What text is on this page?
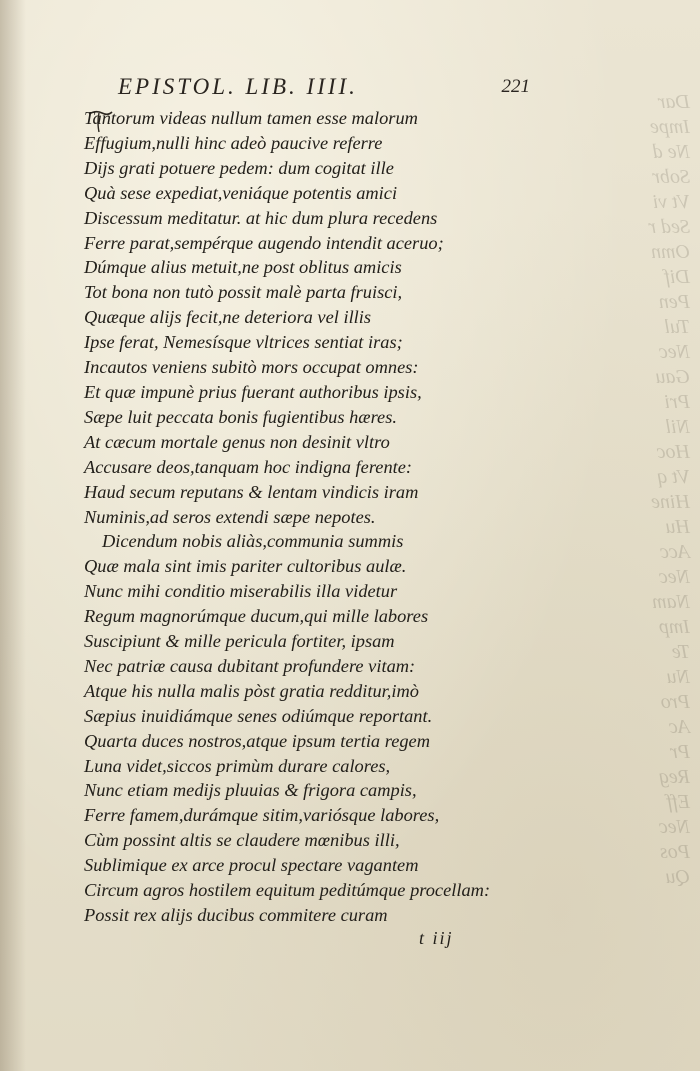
Dar
Impe
Ne d
Sobr
Vt vi
Sed r
Omn
Dif
Pen
Tul
Nec
Gau
Pri
Nil
Hoc
Vt q
Hine
Hu
Acc
Nec
Nam
Imp
Te
Nu
Pro
Ac
Pr
Reg
Eff
Nec
Pos
Qu
EPISTOL. LIB. IIII.	221

Tantorum videas nullum tamen esse malorum

Effugium,nulli hinc adeò paucive referre

Dijs grati potuere pedem: dum cogitat ille

Quà sese expediat,veniáque potentis amici

Discessum meditatur. at hic dum plura recedens

Ferre parat,sempérque augendo intendit aceruo;

Dúmque alius metuit,ne post oblitus amicis

Tot bona non tutò possit malè parta fruisci,

Quæque alijs fecit,ne deteriora vel illis

Ipse ferat, Nemesísque vltrices sentiat iras;

Incautos veniens subitò mors occupat omnes:

Et quæ impunè prius fuerant authoribus ipsis,

Sæpe luit peccata bonis fugientibus hæres.

At cæcum mortale genus non desinit vltro

Accusare deos,tanquam hoc indigna ferente:

Haud secum reputans & lentam vindicis iram

Numinis,ad seros extendi sæpe nepotes.

Dicendum nobis aliàs,communia summis

Quæ mala sint imis pariter cultoribus aulæ.

Nunc mihi conditio miserabilis illa videtur

Regum magnorúmque ducum,qui mille labores

Suscipiunt & mille pericula fortiter, ipsam

Nec patriæ causa dubitant profundere vitam:

Atque his nulla malis pòst gratia redditur,imò

Sæpius inuidiámque senes odiúmque reportant.

Quarta duces nostros,atque ipsum tertia regem

Luna videt,siccos primùm durare calores,

Nunc etiam medijs pluuias & frigora campis,

Ferre famem,durámque sitim,variósque labores,

Cùm possint altis se claudere mœnibus illi,

Sublimique ex arce procul spectare vagantem

Circum agros hostilem equitum peditúmque procellam:

Possit rex alijs ducibus commitere curam

t iij
